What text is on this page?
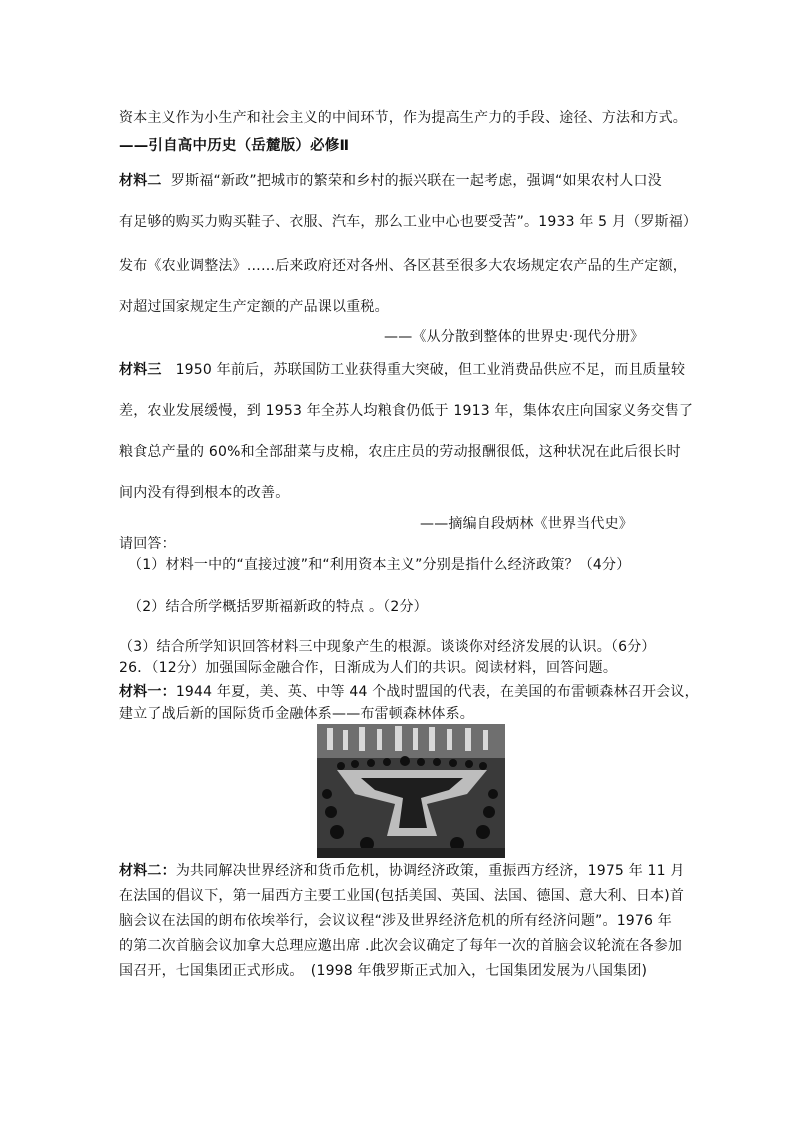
资本主义作为小生产和社会主义的中间环节，作为提高生产力的手段、途径、方法和方式。
——引自高中历史（岳麓版）必修Ⅱ
材料二 罗斯福“新政”把城市的繁荣和乡村的振兴联在一起考虑，强调“如果农村人口没
有足够的购买力购买鞋子、衣服、汽车，那么工业中心也要受苦”。1933 年 5 月（罗斯福）
发布《农业调整法》……后来政府还对各州、各区甚至很多大农场规定农产品的生产定额，
对超过国家规定生产定额的产品课以重税。
——《从分散到整体的世界史·现代分册》
材料三 1950 年前后，苏联国防工业获得重大突破，但工业消费品供应不足，而且质量较
差，农业发展缓慢，到 1953 年全苏人均粮食仍低于 1913 年，集体农庄向国家义务交售了
粮食总产量的 60%和全部甜菜与皮棉，农庄庄员的劳动报酬很低，这种状况在此后很长时
间内没有得到根本的改善。
——摘编自段炳林《世界当代史》
请回答：
（1）材料一中的“直接过渡”和“利用资本主义”分别是指什么经济政策？（4分）
（2）结合所学概括罗斯福新政的特点 。（2分）
（3）结合所学知识回答材料三中现象产生的根源。谈谈你对经济发展的认识。（6分）
26．（12分）加强国际金融合作，日渐成为人们的共识。阅读材料，回答问题。
材料一：1944 年夏，美、英、中等 44 个战时盟国的代表，在美国的布雷顿森林召开会议，
建立了战后新的国际货币金融体系——布雷顿森林体系。
材料二：为共同解决世界经济和货币危机，协调经济政策，重振西方经济，1975 年 11 月
在法国的倡议下，第一届西方主要工业国(包括美国、英国、法国、德国、意大利、日本)首
脑会议在法国的朗布依埃举行，会议议程“涉及世界经济危机的所有经济问题”。1976 年
的第二次首脑会议加拿大总理应邀出席 .此次会议确定了每年一次的首脑会议轮流在各参加
国召开，七国集团正式形成。　(1998 年俄罗斯正式加入，七国集团发展为八国集团)
